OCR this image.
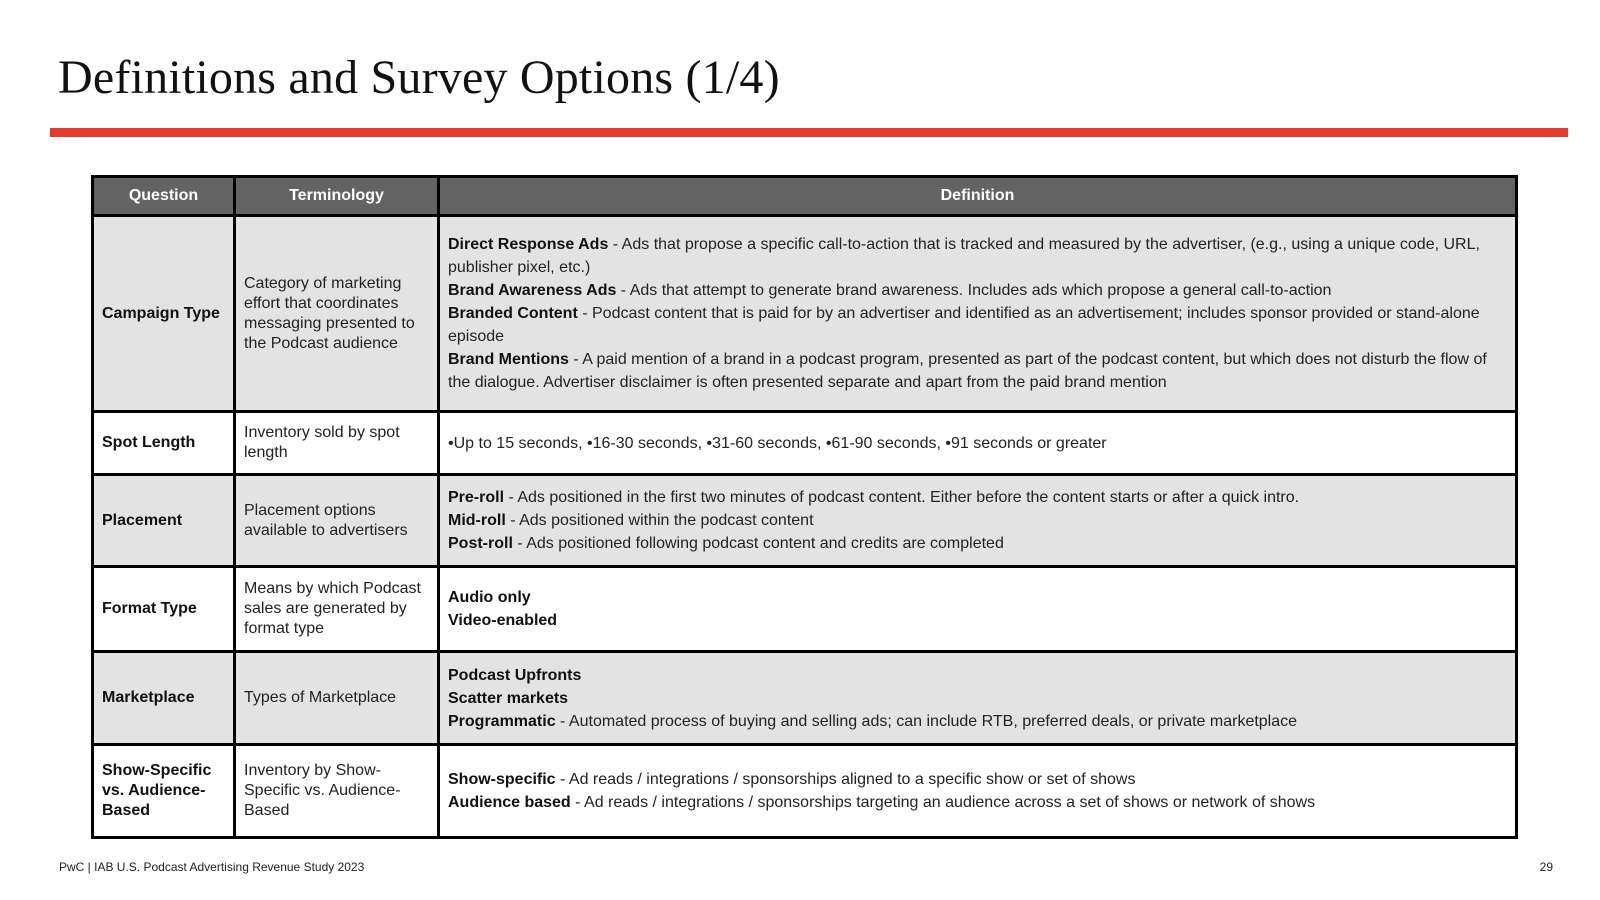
Definitions and Survey Options (1/4)
Question	Terminology	Definition
Campaign Type	Category of marketing effort that coordinates messaging presented to the Podcast audience	Direct Response Ads - Ads that propose a specific call-to-action that is tracked and measured by the advertiser, (e.g., using a unique code, URL, publisher pixel, etc.)
Brand Awareness Ads - Ads that attempt to generate brand awareness. Includes ads which propose a general call-to-action
Branded Content - Podcast content that is paid for by an advertiser and identified as an advertisement; includes sponsor provided or stand-alone episode
Brand Mentions - A paid mention of a brand in a podcast program, presented as part of the podcast content, but which does not disturb the flow of the dialogue. Advertiser disclaimer is often presented separate and apart from the paid brand mention

Spot Length	Inventory sold by spot length	•Up to 15 seconds, •16-30 seconds, •31-60 seconds, •61-90 seconds, •91 seconds or greater

Placement	Placement options available to advertisers	Pre-roll - Ads positioned in the first two minutes of podcast content. Either before the content starts or after a quick intro.
Mid-roll - Ads positioned within the podcast content
Post-roll - Ads positioned following podcast content and credits are completed

Format Type	Means by which Podcast sales are generated by format type	Audio only
Video-enabled

Marketplace	Types of Marketplace	Podcast Upfronts
Scatter markets
Programmatic - Automated process of buying and selling ads; can include RTB, preferred deals, or private marketplace

Show-Specific vs. Audience-Based	Inventory by Show-Specific vs. Audience-Based	Show-specific - Ad reads / integrations / sponsorships aligned to a specific show or set of shows
Audience based - Ad reads / integrations / sponsorships targeting an audience across a set of shows or network of shows
PwC | IAB U.S. Podcast Advertising Revenue Study 2023	29
